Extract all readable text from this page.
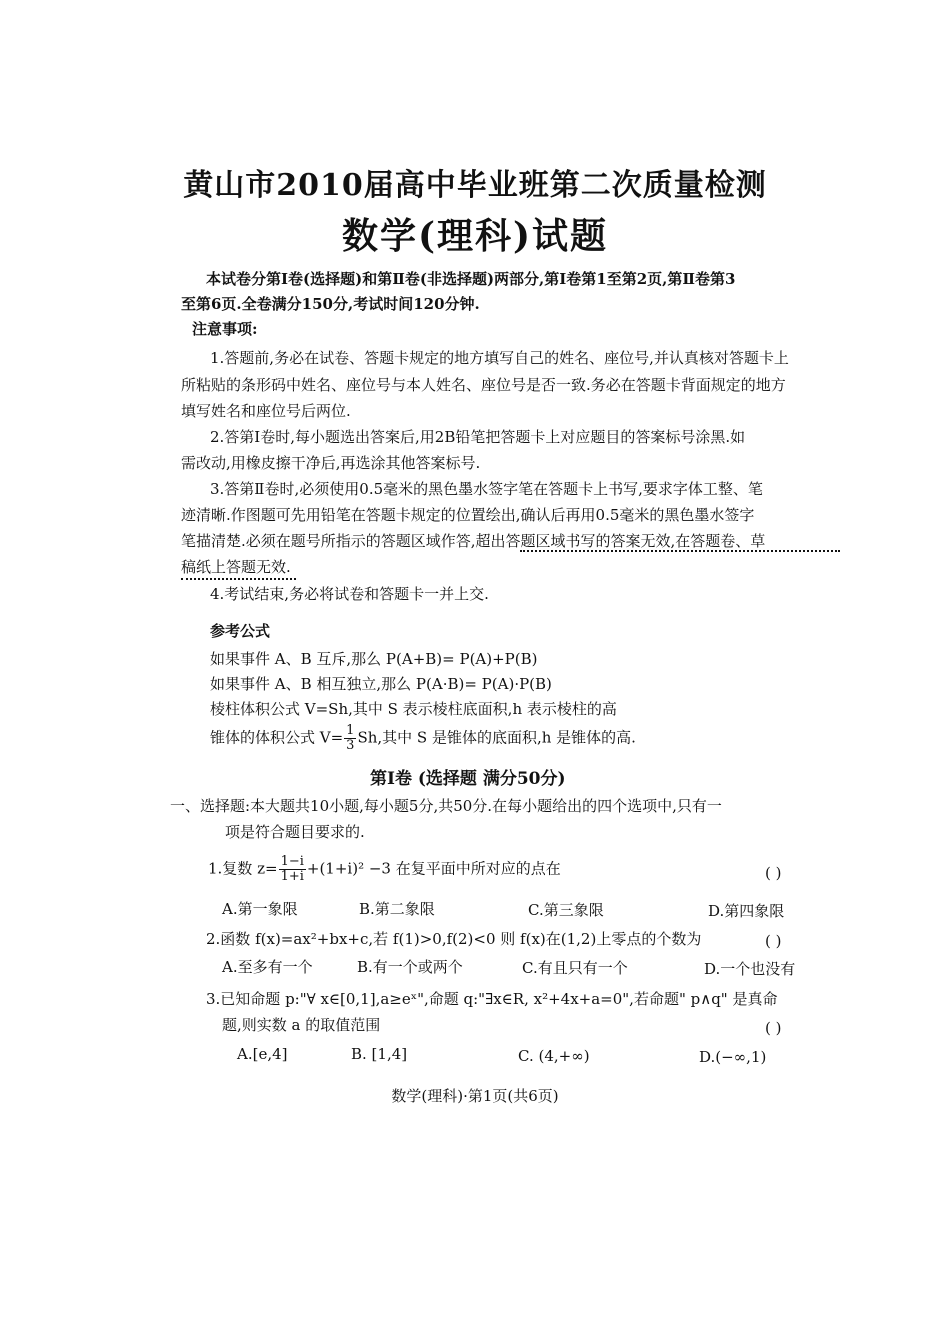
黄山市2010届高中毕业班第二次质量检测
数学(理科)试题
本试卷分第Ⅰ卷(选择题)和第Ⅱ卷(非选择题)两部分,第Ⅰ卷第1至第2页,第Ⅱ卷第3
至第6页.全卷满分150分,考试时间120分钟.
注意事项:
1.答题前,务必在试卷、答题卡规定的地方填写自己的姓名、座位号,并认真核对答题卡上
所粘贴的条形码中姓名、座位号与本人姓名、座位号是否一致.务必在答题卡背面规定的地方
填写姓名和座位号后两位.
2.答第Ⅰ卷时,每小题选出答案后,用2B铅笔把答题卡上对应题目的答案标号涂黑.如
需改动,用橡皮擦干净后,再选涂其他答案标号.
3.答第Ⅱ卷时,必须使用0.5毫米的黑色墨水签字笔在答题卡上书写,要求字体工整、笔
迹清晰.作图题可先用铅笔在答题卡规定的位置绘出,确认后再用0.5毫米的黑色墨水签字
笔描清楚.必须在题号所指示的答题区域作答,超出答题区域书写的答案无效,在答题卷、草
稿纸上答题无效.
4.考试结束,务必将试卷和答题卡一并上交.
参考公式
如果事件 A、B 互斥,那么 P(A+B)= P(A)+P(B)
如果事件 A、B 相互独立,那么 P(A·B)= P(A)·P(B)
棱柱体积公式 V=Sh,其中 S 表示棱柱底面积,h 表示棱柱的高
锥体的体积公式 $V= \frac{1}{3} Sh$,其中 S 是锥体的底面积,h 是锥体的高.
第Ⅰ卷 (选择题 满分50分)
一、选择题:本大题共10小题,每小题5分,共50分.在每小题给出的四个选项中,只有一
项是符合题目要求的.
1.复数 $z= \frac{1-i}{1+i} +(1+i)^2 -3$ 在复平面中所对应的点在	( )
A.第一象限	B.第二象限	C.第三象限	D.第四象限
2.函数 f(x)=ax²+bx+c,若 f(1)>0,f(2)<0 则 f(x)在(1,2)上零点的个数为	( )
A.至多有一个	B.有一个或两个	C.有且只有一个	D.一个也没有
3.已知命题 p:"∀ x∈[0,1],a≥eˣ",命题 q:"∃x∈R, x²+4x+a=0",若命题" p∧q" 是真命
题,则实数 a 的取值范围	( )
A.[e,4]	B. [1,4]	C. (4,+∞)	D.(−∞,1)
数学(理科)·第1页(共6页)
